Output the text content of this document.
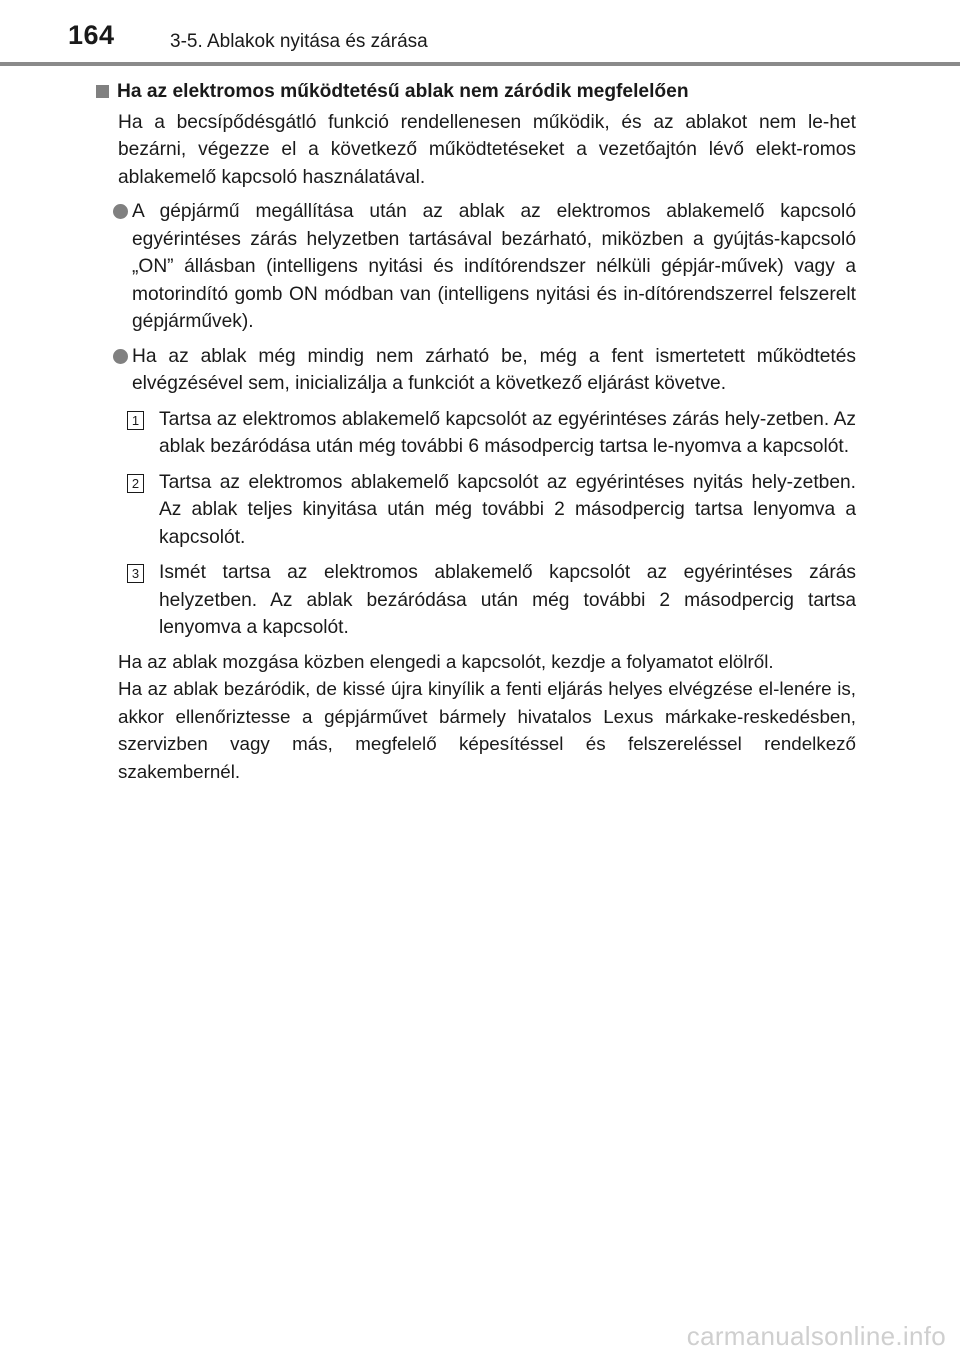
164	3-5. Ablakok nyitása és zárása
Ha az elektromos működtetésű ablak nem záródik megfelelően
Ha a becsípődésgátló funkció rendellenesen működik, és az ablakot nem le-het bezárni, végezze el a következő működtetéseket a vezetőajtón lévő elekt-romos ablakemelő kapcsoló használatával.
A gépjármű megállítása után az ablak az elektromos ablakemelő kapcsoló egyérintéses zárás helyzetben tartásával bezárható, miközben a gyújtás-kapcsoló „ON” állásban (intelligens nyitási és indítórendszer nélküli gépjár-művek) vagy a motorindító gomb ON módban van (intelligens nyitási és in-dítórendszerrel felszerelt gépjárművek).
Ha az ablak még mindig nem zárható be, még a fent ismertetett működtetés elvégzésével sem, inicializálja a funkciót a következő eljárást követve.
1 Tartsa az elektromos ablakemelő kapcsolót az egyérintéses zárás hely-zetben. Az ablak bezáródása után még további 6 másodpercig tartsa le-nyomva a kapcsolót.
2 Tartsa az elektromos ablakemelő kapcsolót az egyérintéses nyitás hely-zetben. Az ablak teljes kinyitása után még további 2 másodpercig tartsa lenyomva a kapcsolót.
3 Ismét tartsa az elektromos ablakemelő kapcsolót az egyérintéses zárás helyzetben. Az ablak bezáródása után még további 2 másodpercig tartsa lenyomva a kapcsolót.
Ha az ablak mozgása közben elengedi a kapcsolót, kezdje a folyamatot elölről.
Ha az ablak bezáródik, de kissé újra kinyílik a fenti eljárás helyes elvégzése el-lenére is, akkor ellenőriztesse a gépjárművet bármely hivatalos Lexus márkake-reskedésben, szervizben vagy más, megfelelő képesítéssel és felszereléssel rendelkező szakembernél.
carmanualsonline.info
